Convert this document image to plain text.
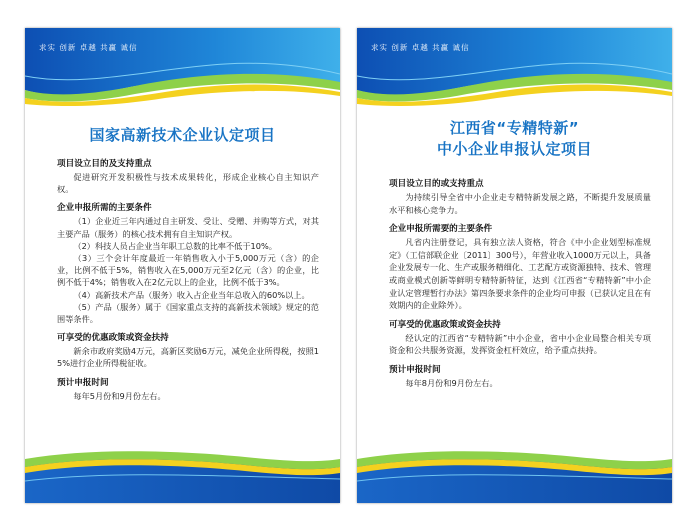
求实 创新 卓越 共赢 诚信
国家高新技术企业认定项目
项目设立目的及支持重点
促进研究开发积极性与技术成果转化，形成企业核心自主知识产权。
企业申报所需的主要条件
（1）企业近三年内通过自主研发、受让、受赠、并购等方式，对其主要产品（服务）的核心技术拥有自主知识产权。
（2）科技人员占企业当年职工总数的比率不低于10%。
（3）三个会计年度最近一年销售收入小于5,000万元（含）的企业，比例不低于5%，销售收入在5,000万元至2亿元（含）的企业，比例不低于4%；销售收入在2亿元以上的企业，比例不低于3%。
（4）高新技术产品（服务）收入占企业当年总收入的60%以上。
（5）产品（服务）属于《国家重点支持的高新技术领域》规定的范围等条件。
可享受的优惠政策或资金扶持
新余市政府奖励4万元，高新区奖励6万元，减免企业所得税，按照15%进行企业所得税征收。
预计申报时间
每年5月份和9月份左右。
求实 创新 卓越 共赢 诚信
江西省“专精特新”
中小企业申报认定项目
项目设立目的或支持重点
为持续引导全省中小企业走专精特新发展之路，不断提升发展质量水平和核心竞争力。
企业申报所需要的主要条件
凡省内注册登记，具有独立法人资格，符合《中小企业划型标准规定》（工信部联企业〔2011〕300号），年营业收入1000万元以上，具备企业发展专一化、生产或服务精细化、工艺配方或资源独特、技术、管理或商业模式创新等鲜明专精特新特征，达到《江西省“专精特新”中小企业认定管理暂行办法》第四条要求条件的企业均可申报（已获认定且在有效期内的企业除外）。
可享受的优惠政策或资金扶持
经认定的江西省“专精特新”中小企业，省中小企业局整合相关专项资金和公共服务资源，发挥资金杠杆效应，给予重点扶持。
预计申报时间
每年8月份和9月份左右。
